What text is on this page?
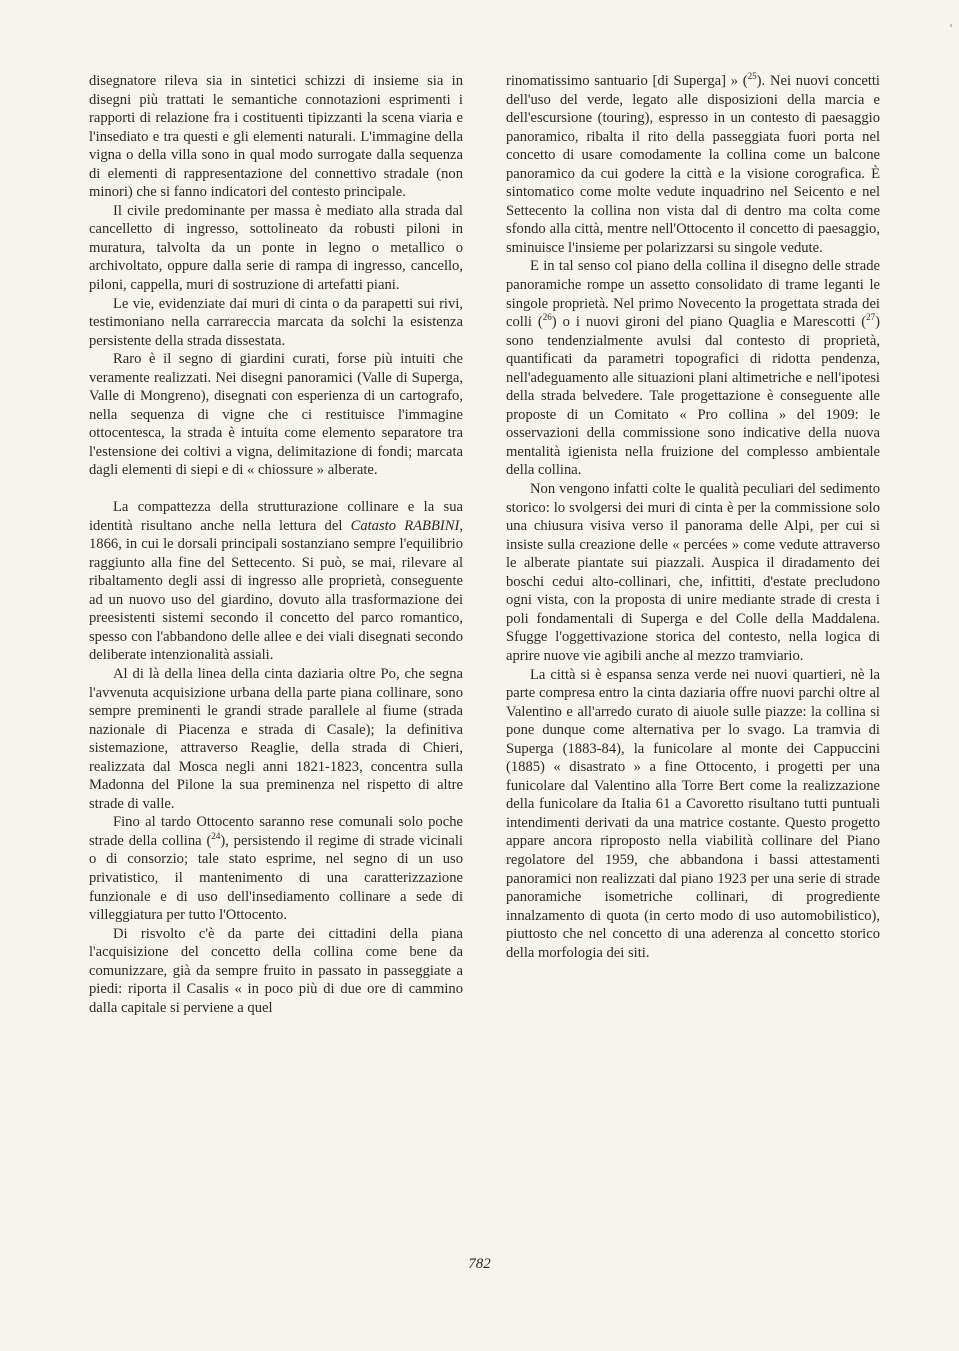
disegnatore rileva sia in sintetici schizzi di insieme sia in disegni più trattati le semantiche connotazioni esprimenti i rapporti di relazione fra i costituenti tipizzanti la scena viaria e l'insediato e tra questi e gli elementi naturali. L'immagine della vigna o della villa sono in qual modo surrogate dalla sequenza di elementi di rappresentazione del connettivo stradale (non minori) che si fanno indicatori del contesto principale.

Il civile predominante per massa è mediato alla strada dal cancelletto di ingresso, sottolineato da robusti piloni in muratura, talvolta da un ponte in legno o metallico o archivoltato, oppure dalla serie di rampa di ingresso, cancello, piloni, cappella, muri di sostruzione di artefatti piani.

Le vie, evidenziate dai muri di cinta o da parapetti sui rivi, testimoniano nella carrareccia marcata da solchi la esistenza persistente della strada dissestata.

Raro è il segno di giardini curati, forse più intuiti che veramente realizzati. Nei disegni panoramici (Valle di Superga, Valle di Mongreno), disegnati con esperienza di un cartografo, nella sequenza di vigne che ci restituisce l'immagine ottocentesca, la strada è intuita come elemento separatore tra l'estensione dei coltivi a vigna, delimitazione di fondi; marcata dagli elementi di siepi e di « chiossure » alberate.

La compattezza della strutturazione collinare e la sua identità risultano anche nella lettura del Catasto RABBINI, 1866, in cui le dorsali principali sostanziano sempre l'equilibrio raggiunto alla fine del Settecento. Si può, se mai, rilevare al ribaltamento degli assi di ingresso alle proprietà, conseguente ad un nuovo uso del giardino, dovuto alla trasformazione dei preesistenti sistemi secondo il concetto del parco romantico, spesso con l'abbandono delle allee e dei viali disegnati secondo deliberate intenzionalità assiali.

Al di là della linea della cinta daziaria oltre Po, che segna l'avvenuta acquisizione urbana della parte piana collinare, sono sempre preminenti le grandi strade parallele al fiume (strada nazionale di Piacenza e strada di Casale); la definitiva sistemazione, attraverso Reaglie, della strada di Chieri, realizzata dal Mosca negli anni 1821-1823, concentra sulla Madonna del Pilone la sua preminenza nel rispetto di altre strade di valle.

Fino al tardo Ottocento saranno rese comunali solo poche strade della collina ($^{24}$), persistendo il regime di strade vicinali o di consorzio; tale stato esprime, nel segno di un uso privatistico, il mantenimento di una caratterizzazione funzionale e di uso dell'insediamento collinare a sede di villeggiatura per tutto l'Ottocento.

Di risvolto c'è da parte dei cittadini della piana l'acquisizione del concetto della collina come bene da comunizzare, già da sempre fruito in passato in passeggiate a piedi: riporta il Casalis « in poco più di due ore di cammino dalla capitale si perviene a quel

rinomatissimo santuario [di Superga] » ($^{25}$). Nei nuovi concetti dell'uso del verde, legato alle disposizioni della marcia e dell'escursione (touring), espresso in un contesto di paesaggio panoramico, ribalta il rito della passeggiata fuori porta nel concetto di usare comodamente la collina come un balcone panoramico da cui godere la città e la visione corografica. È sintomatico come molte vedute inquadrino nel Seicento e nel Settecento la collina non vista dal di dentro ma colta come sfondo alla città, mentre nell'Ottocento il concetto di paesaggio, sminuisce l'insieme per polarizzarsi su singole vedute.

E in tal senso col piano della collina il disegno delle strade panoramiche rompe un assetto consolidato di trame leganti le singole proprietà. Nel primo Novecento la progettata strada dei colli ($^{26}$) o i nuovi gironi del piano Quaglia e Marescotti ($^{27}$) sono tendenzialmente avulsi dal contesto di proprietà, quantificati da parametri topografici di ridotta pendenza, nell'adeguamento alle situazioni plani altimetriche e nell'ipotesi della strada belvedere. Tale progettazione è conseguente alle proposte di un Comitato « Pro collina » del 1909: le osservazioni della commissione sono indicative della nuova mentalità igienista nella fruizione del complesso ambientale della collina.

Non vengono infatti colte le qualità peculiari del sedimento storico: lo svolgersi dei muri di cinta è per la commissione solo una chiusura visiva verso il panorama delle Alpi, per cui si insiste sulla creazione delle « percées » come vedute attraverso le alberate piantate sui piazzali. Auspica il diradamento dei boschi cedui alto-collinari, che, infittiti, d'estate precludono ogni vista, con la proposta di unire mediante strade di cresta i poli fondamentali di Superga e del Colle della Maddalena. Sfugge l'oggettivazione storica del contesto, nella logica di aprire nuove vie agibili anche al mezzo tramviario.

La città si è espansa senza verde nei nuovi quartieri, nè la parte compresa entro la cinta daziaria offre nuovi parchi oltre al Valentino e all'arredo curato di aiuole sulle piazze: la collina si pone dunque come alternativa per lo svago. La tramvia di Superga (1883-84), la funicolare al monte dei Cappuccini (1885) « disastrato » a fine Ottocento, i progetti per una funicolare dal Valentino alla Torre Bert come la realizzazione della funicolare da Italia 61 a Cavoretto risultano tutti puntuali intendimenti derivati da una matrice costante. Questo progetto appare ancora riproposto nella viabilità collinare del Piano regolatore del 1959, che abbandona i bassi attestamenti panoramici non realizzati dal piano 1923 per una serie di strade panoramiche isometriche collinari, di progrediente innalzamento di quota (in certo modo di uso automobilistico), piuttosto che nel concetto di una aderenza al concetto storico della morfologia dei siti.

782
